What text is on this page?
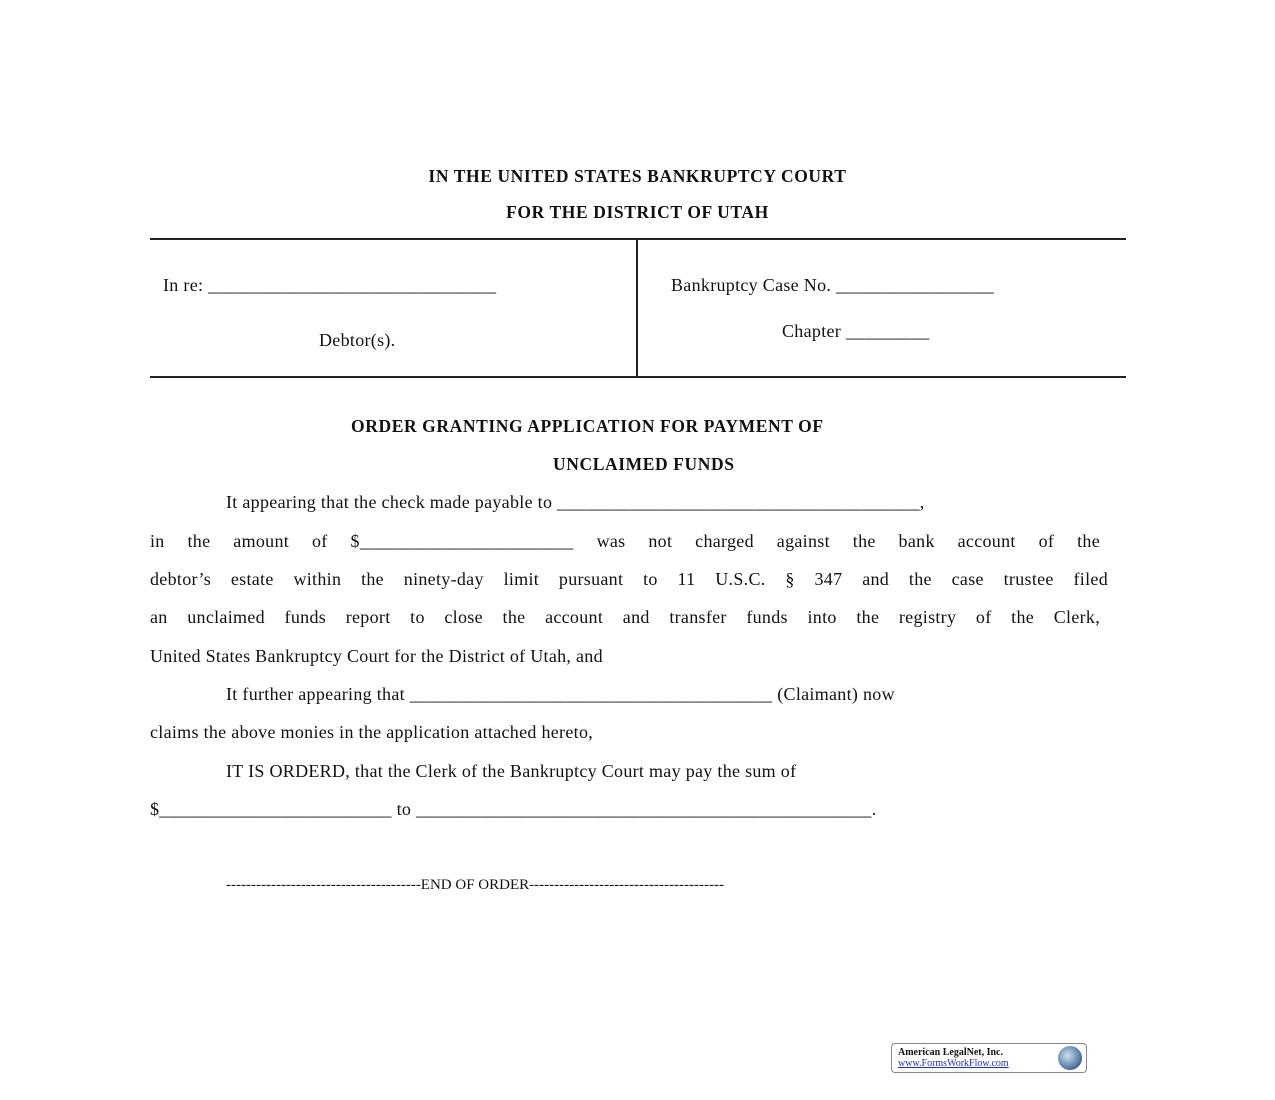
IN THE UNITED STATES BANKRUPTCY COURT
FOR THE DISTRICT OF UTAH
In re: _______________________________
Debtor(s).
Bankruptcy Case No. _________________
Chapter _________
ORDER GRANTING APPLICATION FOR PAYMENT OF
UNCLAIMED FUNDS
It appearing that the check made payable to _______________________________________,
in the amount of $_______________________ was not charged against the bank account of the
debtor’s estate within the ninety-day limit pursuant to 11 U.S.C. § 347 and the case trustee filed
an unclaimed funds report to close the account and transfer funds into the registry of the Clerk,
United States Bankruptcy Court for the District of Utah, and
It further appearing that _______________________________________ (Claimant) now
claims the above monies in the application attached hereto,
IT IS ORDERD, that the Clerk of the Bankruptcy Court may pay the sum of
$_________________________ to _________________________________________________.
---------------------------------------END OF ORDER---------------------------------------
American LegalNet, Inc.
www.FormsWorkFlow.com
